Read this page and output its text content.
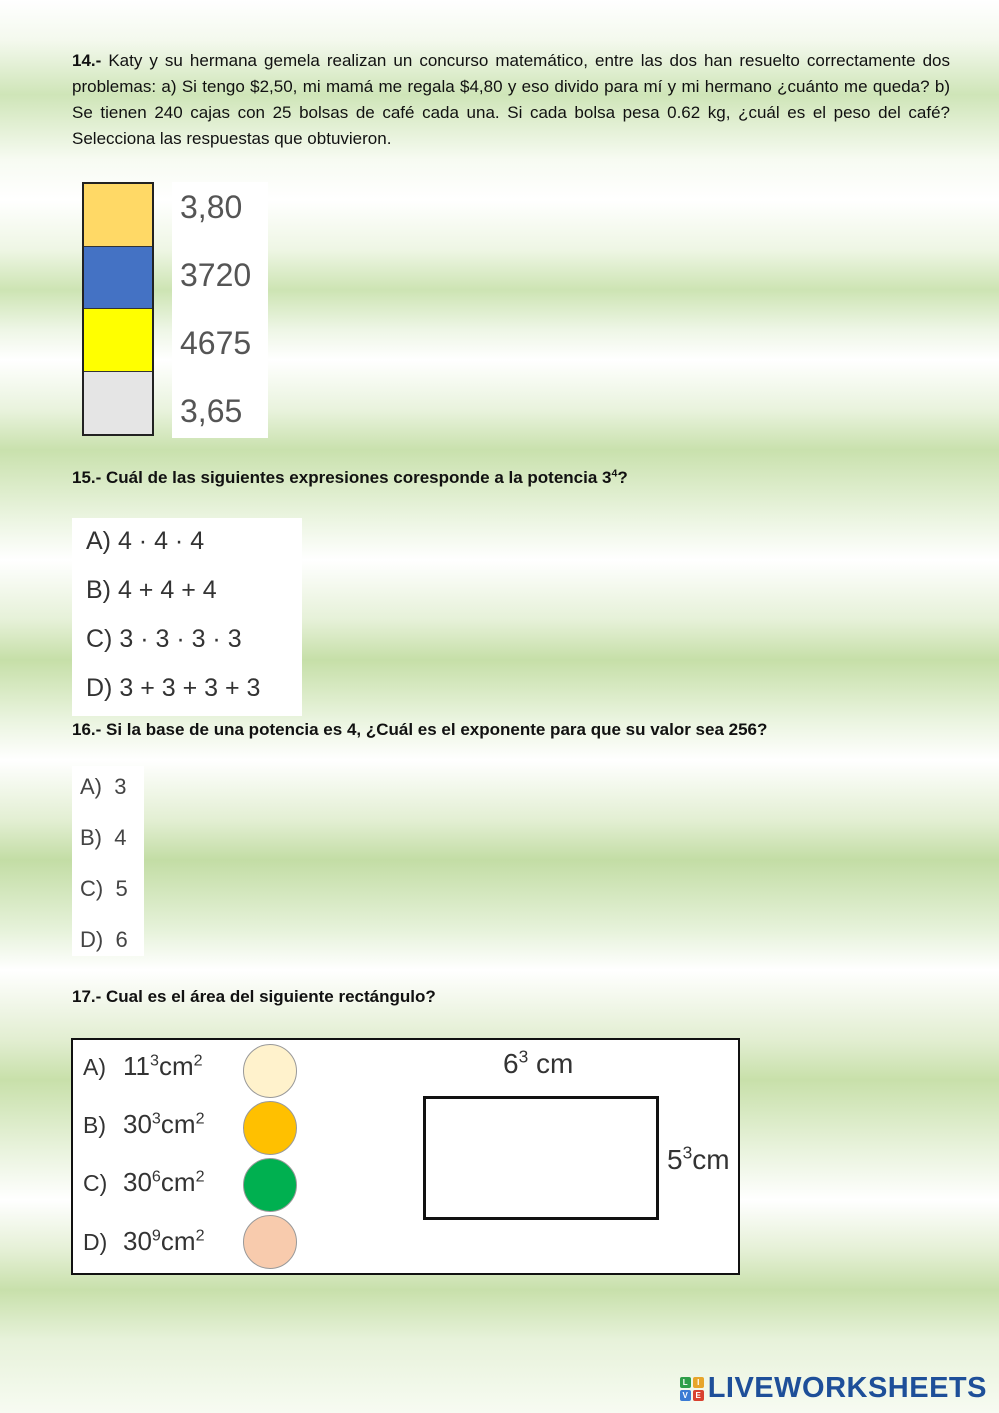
14.- Katy y su hermana gemela realizan un concurso matemático, entre las dos han resuelto correctamente dos problemas: a) Si tengo $2,50, mi mamá me regala $4,80 y eso divido para mí y mi hermano ¿cuánto me queda? b) Se tienen 240 cajas con 25 bolsas de café cada una. Si cada bolsa pesa 0.62 kg, ¿cuál es el peso del café? Selecciona las respuestas que obtuvieron.
3,80
3720
4675
3,65
15.- Cuál de las siguientes expresiones coresponde a la potencia $3^4$?
A) 4 · 4 · 4
B) 4 + 4 + 4
C) 3 · 3 · 3 · 3
D) 3 + 3 + 3 + 3
16.- Si la base de una potencia es 4, ¿Cuál es el exponente para que su valor sea 256?
A) 3
B) 4
C) 5
D) 6
17.- Cual es el área del siguiente rectángulo?
A) $11^3cm^2$
B) $30^3cm^2$
C) $30^6cm^2$
D) $30^9cm^2$
$6^3$ cm
$5^3cm$
L	I
V E LIVEWORKSHEETS
